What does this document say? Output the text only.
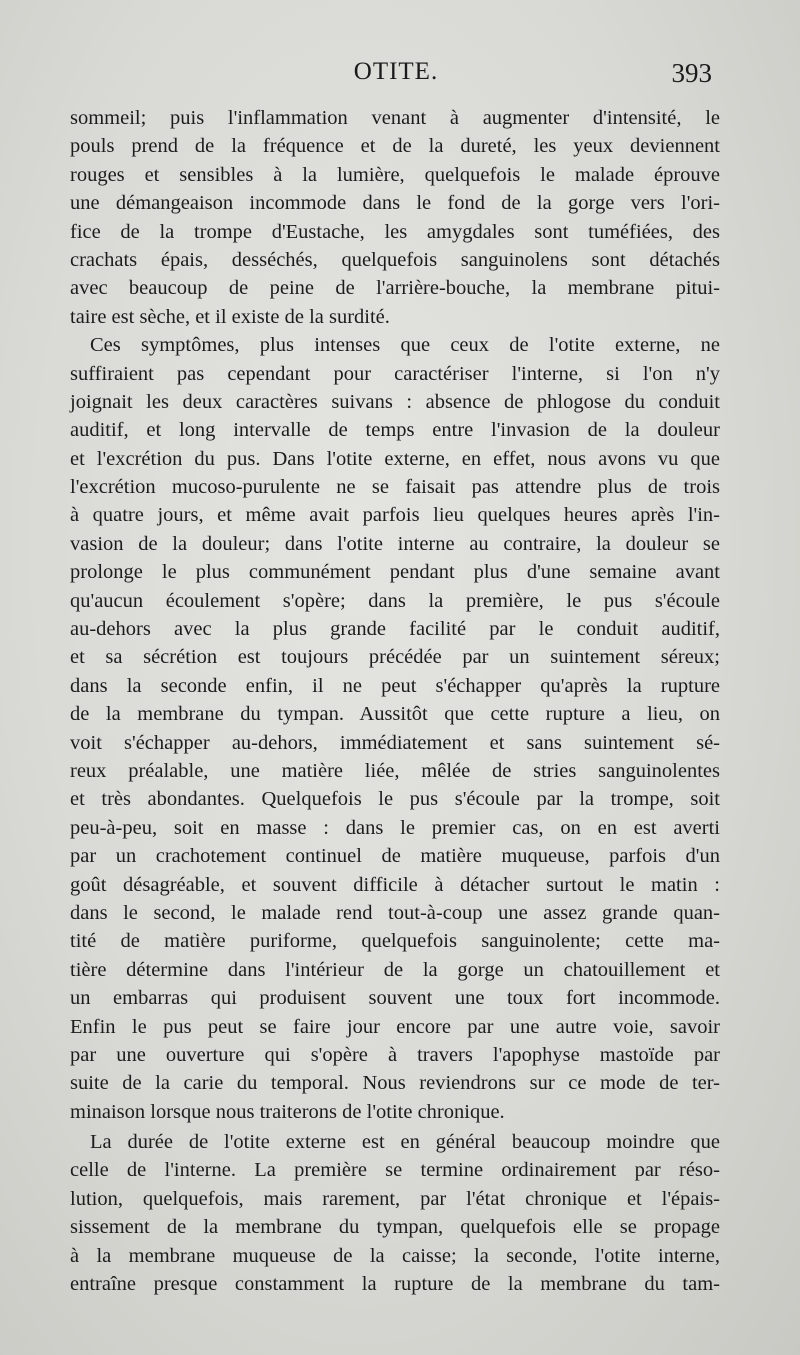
OTITE.	393
sommeil; puis l'inflammation venant à augmenter d'intensité, le
pouls prend de la fréquence et de la dureté, les yeux deviennent
rouges et sensibles à la lumière, quelquefois le malade éprouve
une démangeaison incommode dans le fond de la gorge vers l'ori-
fice de la trompe d'Eustache, les amygdales sont tuméfiées, des
crachats épais, desséchés, quelquefois sanguinolens sont détachés
avec beaucoup de peine de l'arrière-bouche, la membrane pitui-
taire est sèche, et il existe de la surdité.
Ces symptômes, plus intenses que ceux de l'otite externe, ne
suffiraient pas cependant pour caractériser l'interne, si l'on n'y
joignait les deux caractères suivans : absence de phlogose du conduit
auditif, et long intervalle de temps entre l'invasion de la douleur
et l'excrétion du pus. Dans l'otite externe, en effet, nous avons vu que
l'excrétion mucoso-purulente ne se faisait pas attendre plus de trois
à quatre jours, et même avait parfois lieu quelques heures après l'in-
vasion de la douleur; dans l'otite interne au contraire, la douleur se
prolonge le plus communément pendant plus d'une semaine avant
qu'aucun écoulement s'opère; dans la première, le pus s'écoule
au-dehors avec la plus grande facilité par le conduit auditif,
et sa sécrétion est toujours précédée par un suintement séreux;
dans la seconde enfin, il ne peut s'échapper qu'après la rupture
de la membrane du tympan. Aussitôt que cette rupture a lieu, on
voit s'échapper au-dehors, immédiatement et sans suintement sé-
reux préalable, une matière liée, mêlée de stries sanguinolentes
et très abondantes. Quelquefois le pus s'écoule par la trompe, soit
peu-à-peu, soit en masse : dans le premier cas, on en est averti
par un crachotement continuel de matière muqueuse, parfois d'un
goût désagréable, et souvent difficile à détacher surtout le matin :
dans le second, le malade rend tout-à-coup une assez grande quan-
tité de matière puriforme, quelquefois sanguinolente; cette ma-
tière détermine dans l'intérieur de la gorge un chatouillement et
un embarras qui produisent souvent une toux fort incommode.
Enfin le pus peut se faire jour encore par une autre voie, savoir
par une ouverture qui s'opère à travers l'apophyse mastoïde par
suite de la carie du temporal. Nous reviendrons sur ce mode de ter-
minaison lorsque nous traiterons de l'otite chronique.
La durée de l'otite externe est en général beaucoup moindre que
celle de l'interne. La première se termine ordinairement par réso-
lution, quelquefois, mais rarement, par l'état chronique et l'épais-
sissement de la membrane du tympan, quelquefois elle se propage
à la membrane muqueuse de la caisse; la seconde, l'otite interne,
entraîne presque constamment la rupture de la membrane du tam-
